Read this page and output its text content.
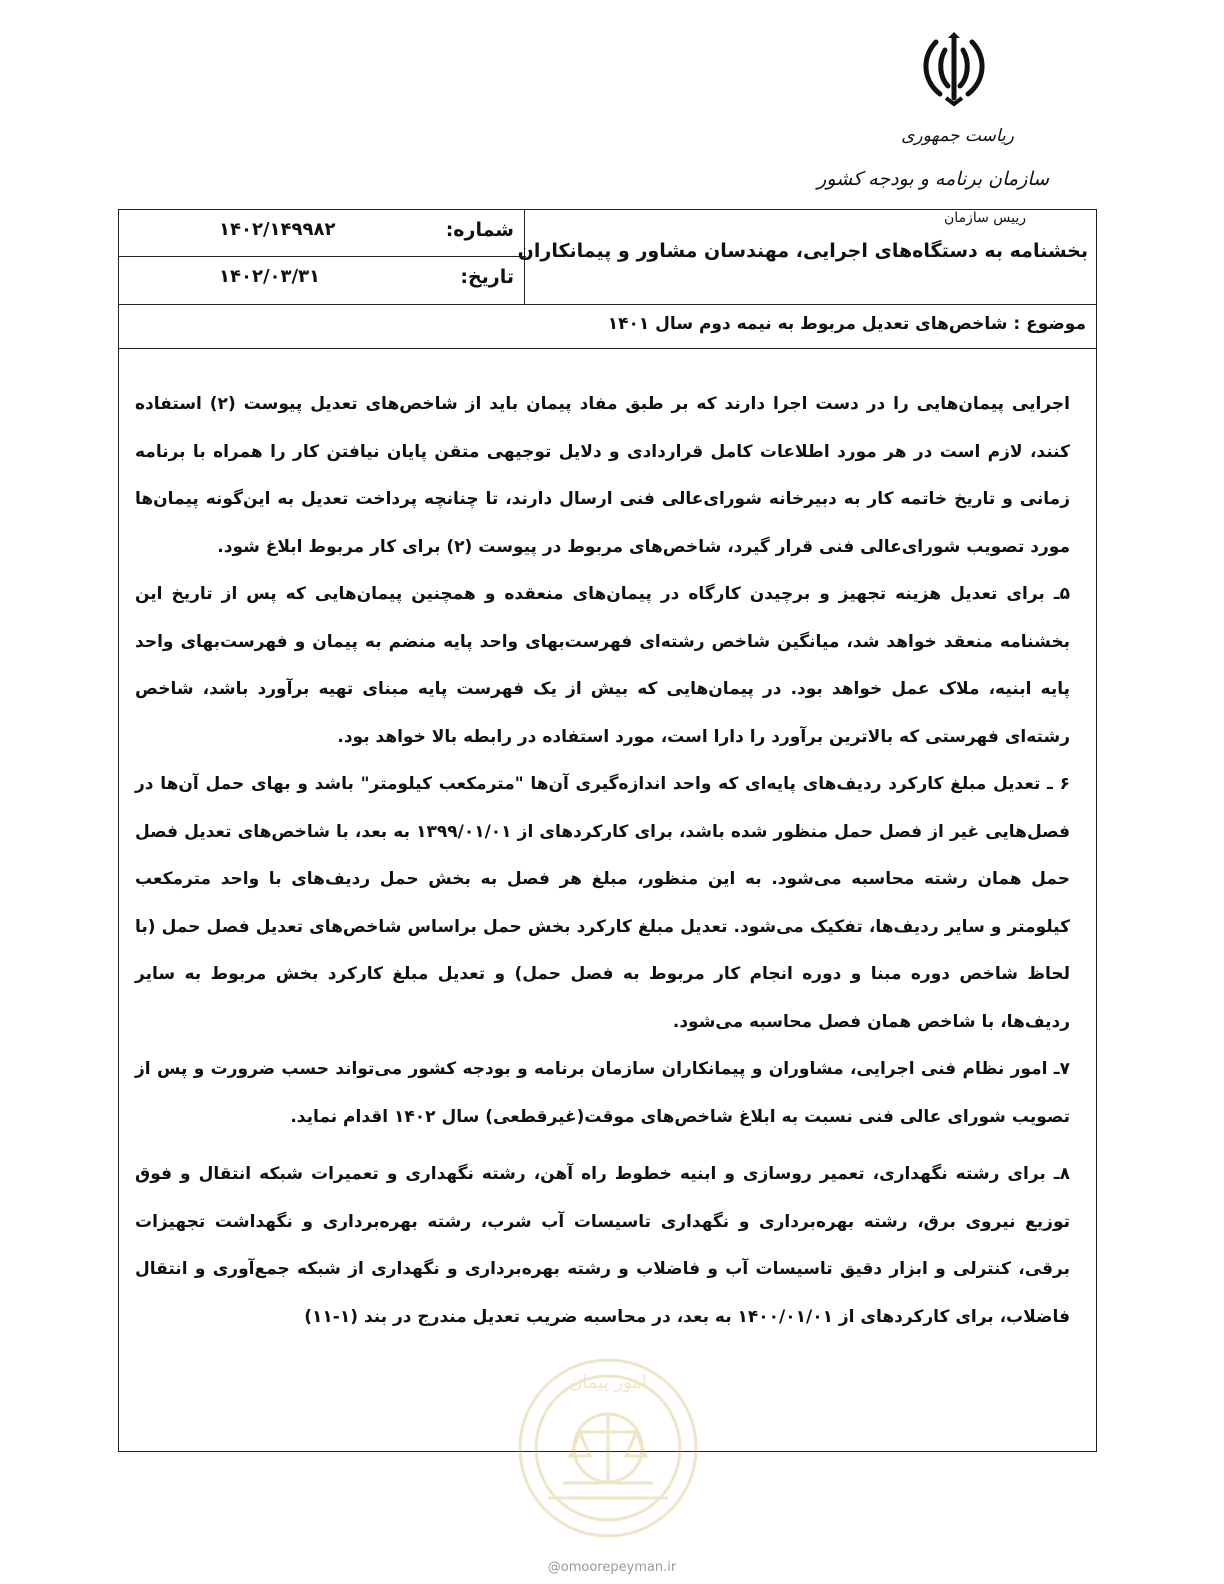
ریاست جمهوری
سازمان برنامه و بودجه کشور
رییس سازمان
بخشنامه به دستگاه‌های اجرایی، مهندسان مشاور و پیمانکاران
شماره:
۱۴۰۲/۱۴۹۹۸۲
تاریخ:
۱۴۰۲/۰۳/۳۱
موضوع : شاخص‌های تعدیل مربوط به نیمه دوم سال ۱۴۰۱

اجرایی پیمان‌هایی را در دست اجرا دارند که بر طبق مفاد پیمان باید از شاخص‌های تعدیل پیوست (۲) استفاده کنند، لازم است در هر مورد اطلاعات کامل قراردادی و دلایل توجیهی متقن پایان نیافتن کار را همراه با برنامه زمانی و تاریخ خاتمه کار به دبیرخانه شورای‌عالی فنی ارسال دارند، تا چنانچه پرداخت تعدیل به این‌گونه پیمان‌ها مورد تصویب شورای‌عالی فنی قرار گیرد، شاخص‌های مربوط در پیوست (۲) برای کار مربوط ابلاغ شود.

۵ـ برای تعدیل هزینه تجهیز و برچیدن کارگاه در پیمان‌های منعقده و همچنین پیمان‌هایی که پس از تاریخ این بخشنامه منعقد خواهد شد، میانگین شاخص رشته‌ای فهرست‌بهای واحد پایه منضم به پیمان و فهرست‌بهای واحد پایه ابنیه، ملاک عمل خواهد بود. در پیمان‌هایی که بیش از یک فهرست پایه مبنای تهیه برآورد باشد، شاخص رشته‌ای فهرستی که بالاترین برآورد را دارا است، مورد استفاده در رابطه بالا خواهد بود.

۶ ـ تعدیل مبلغ کارکرد ردیف‌های پایه‌ای که واحد اندازه‌گیری آن‌ها "مترمکعب کیلومتر" باشد و بهای حمل آن‌ها در فصل‌هایی غیر از فصل حمل منظور شده باشد، برای کارکردهای از ۱۳۹۹/۰۱/۰۱ به بعد، با شاخص‌های تعدیل فصل حمل همان رشته محاسبه می‌شود. به این منظور، مبلغ هر فصل به بخش حمل ردیف‌های با واحد مترمکعب کیلومتر و سایر ردیف‌ها، تفکیک می‌شود. تعدیل مبلغ کارکرد بخش حمل براساس شاخص‌های تعدیل فصل حمل (با لحاظ شاخص دوره مبنا و دوره انجام کار مربوط به فصل حمل) و تعدیل مبلغ کارکرد بخش مربوط به سایر ردیف‌ها، با شاخص همان فصل محاسبه می‌شود.

۷ـ امور نظام فنی اجرایی، مشاوران و پیمانکاران سازمان برنامه و بودجه کشور می‌تواند حسب ضرورت و پس از تصویب شورای عالی فنی نسبت به ابلاغ شاخص‌های موقت(غیرقطعی) سال ۱۴۰۲ اقدام نماید.

۸ـ برای رشته نگهداری، تعمیر روسازی و ابنیه خطوط راه آهن، رشته نگهداری و تعمیرات شبکه انتقال و فوق توزیع نیروی برق، رشته بهره‌برداری و نگهداری تاسیسات آب شرب، رشته بهره‌برداری و نگهداشت تجهیزات برقی، کنترلی و ابزار دقیق تاسیسات آب و فاضلاب و رشته بهره‌برداری و نگهداری از شبکه جمع‌آوری و انتقال فاضلاب، برای کارکردهای از ۱۴۰۰/۰۱/۰۱ به بعد، در محاسبه ضریب تعدیل مندرج در بند (۱-۱۱)

امور پیمان
@omoorepeyman.ir
